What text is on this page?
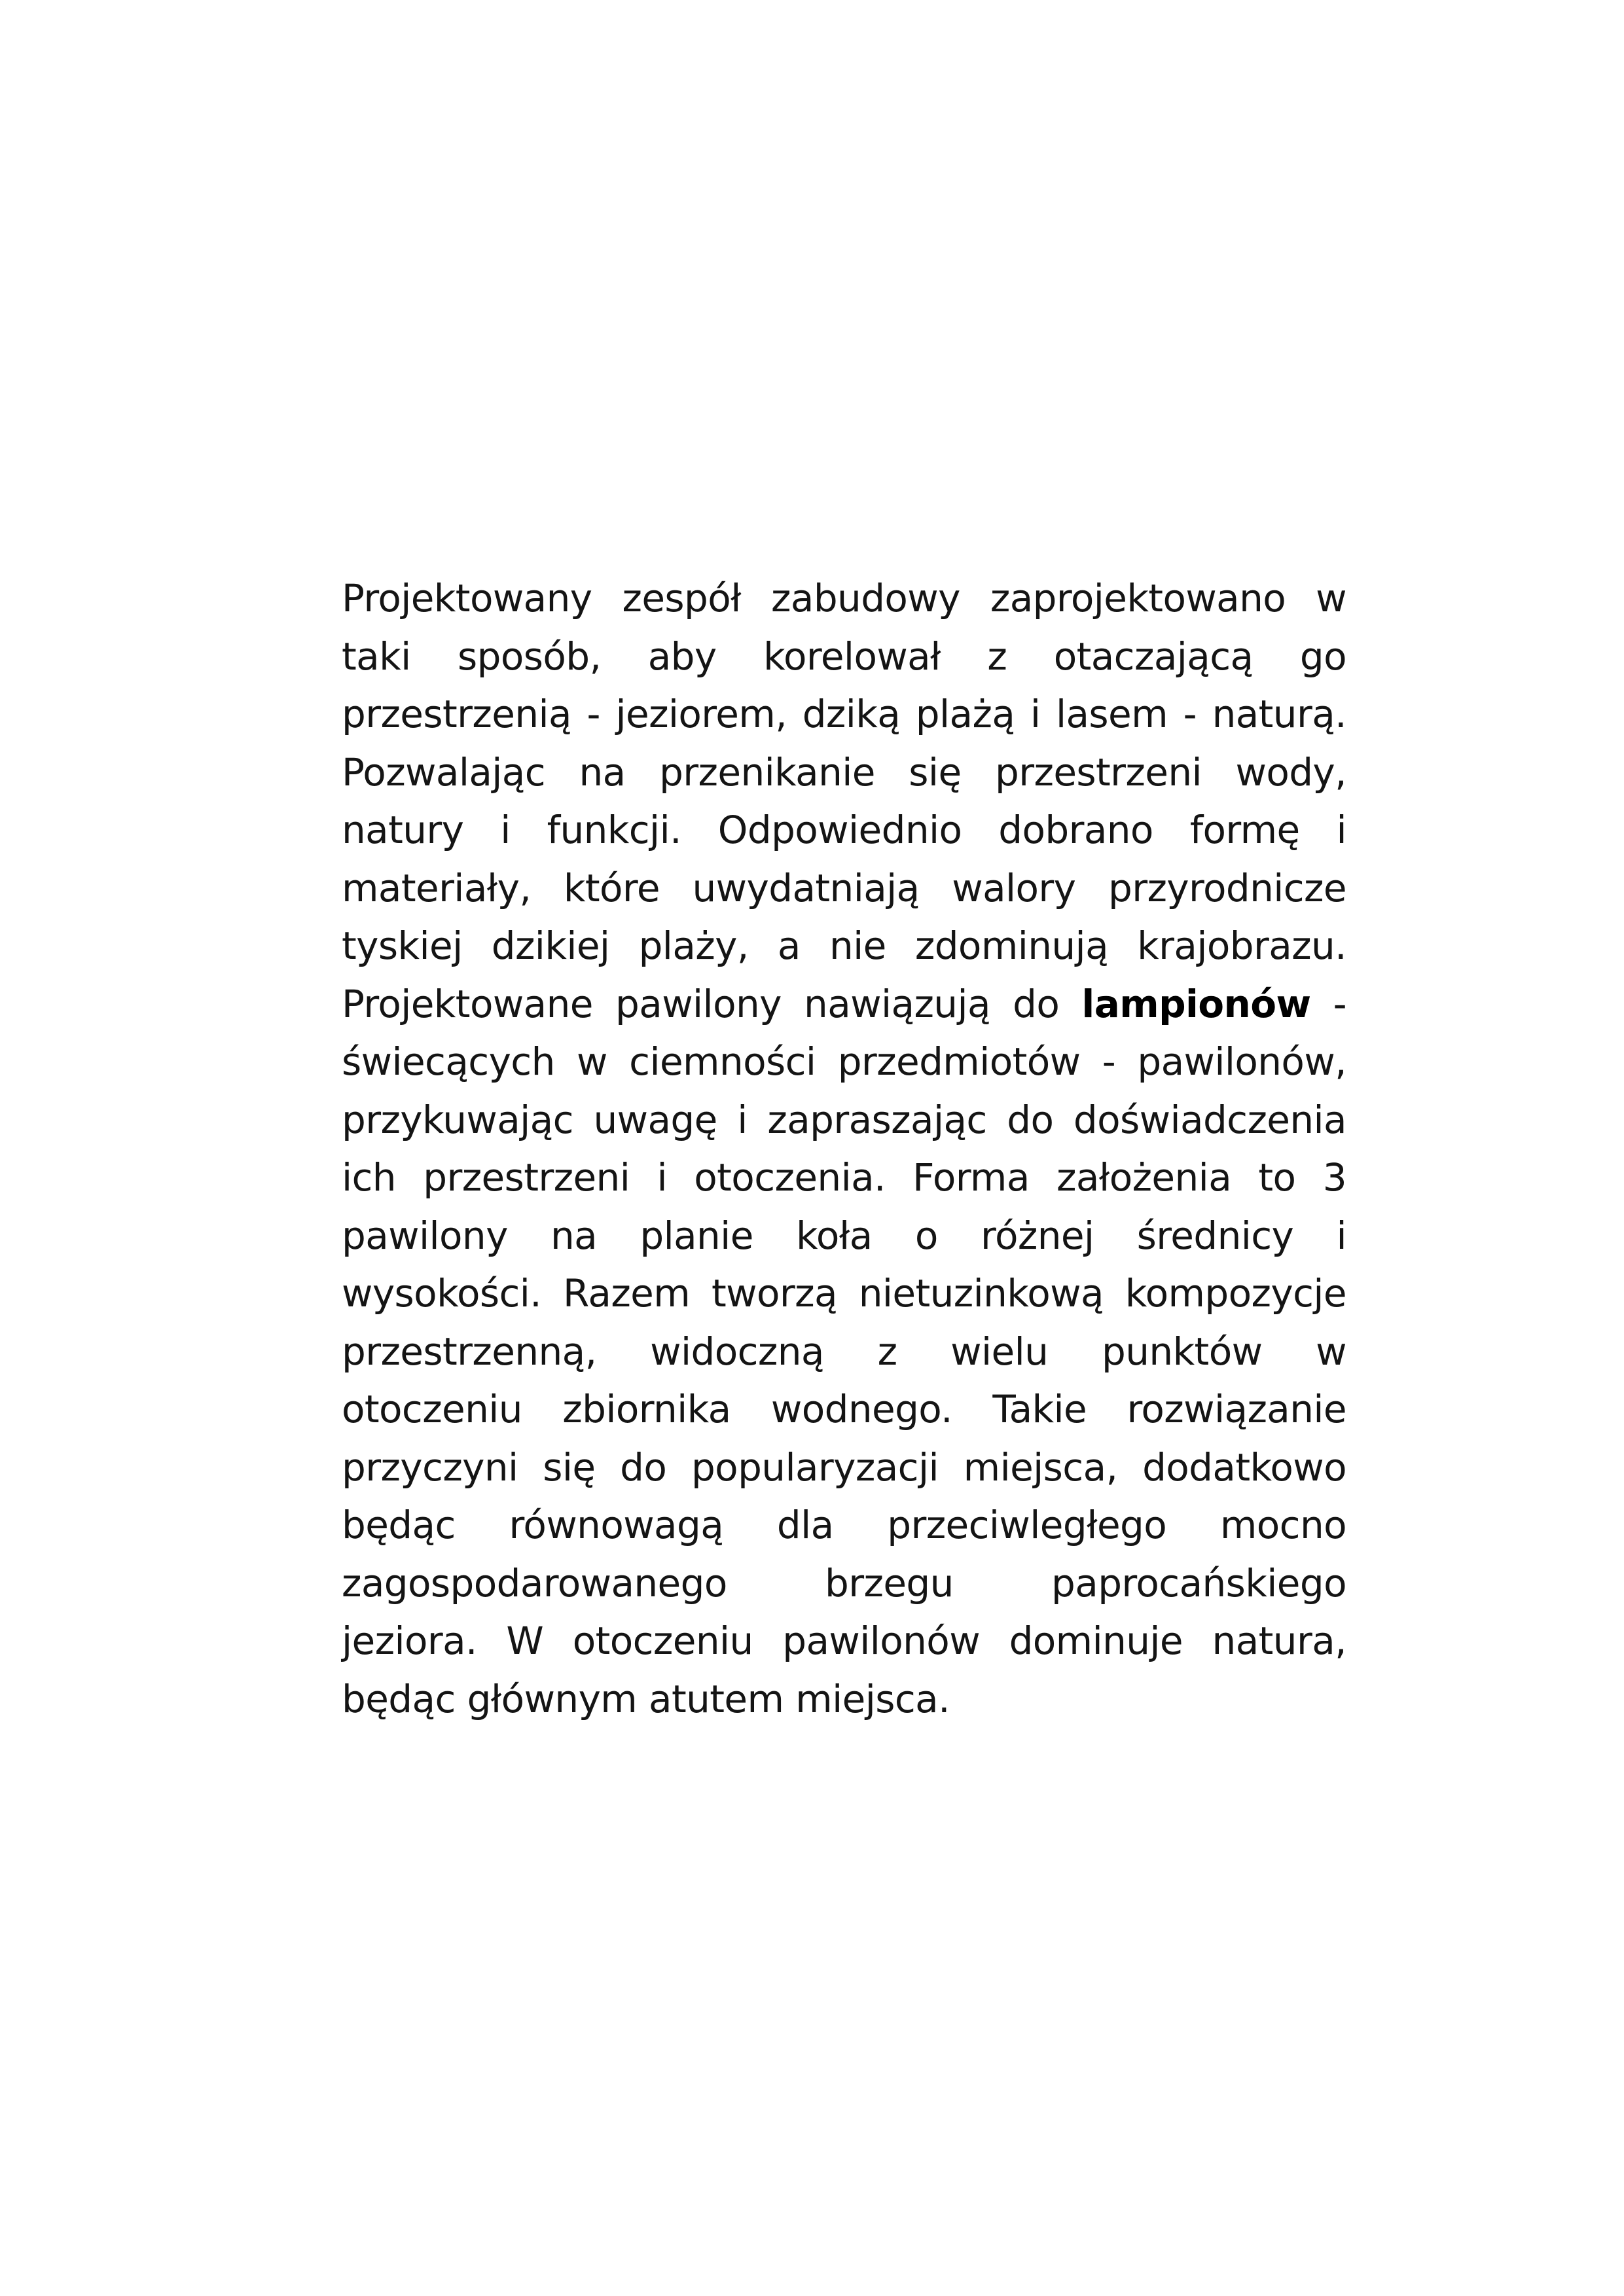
Projektowany zespół zabudowy zaprojektowano w
taki sposób, aby korelował z otaczającą go
przestrzenią - jeziorem, dziką plażą i lasem - naturą.
Pozwalając na przenikanie się przestrzeni wody,
natury i funkcji. Odpowiednio dobrano formę i
materiały, które uwydatniają walory przyrodnicze
tyskiej dzikiej plaży, a nie zdominują krajobrazu.
Projektowane pawilony nawiązują do lampionów -
świecących w ciemności przedmiotów - pawilonów,
przykuwając uwagę i zapraszając do doświadczenia
ich przestrzeni i otoczenia. Forma założenia to 3
pawilony na planie koła o różnej średnicy i
wysokości. Razem tworzą nietuzinkową kompozycje
przestrzenną, widoczną z wielu punktów w
otoczeniu zbiornika wodnego. Takie rozwiązanie
przyczyni się do popularyzacji miejsca, dodatkowo
będąc równowagą dla przeciwległego mocno
zagospodarowanego brzegu paprocańskiego
jeziora. W otoczeniu pawilonów dominuje natura,
będąc głównym atutem miejsca.
